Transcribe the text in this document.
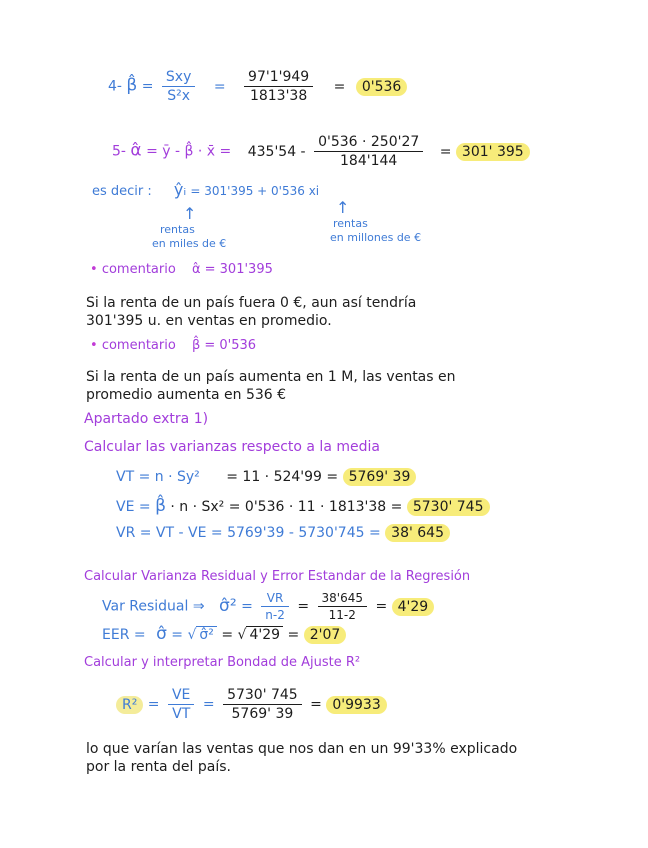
4- β̂ = $\frac{\text{Sxy}}{\text{S²x}} = \frac{97'1'949}{1813'38} = 0'536$
5- α̂ = ȳ - β̂ · x̄ = $435'54 - \frac{0'536 \cdot 250'27}{184'144} = 301'$ 395
es decir : ŷᵢ = 301'395 + 0'536 xi
↑	↑
rentas
en miles de €
rentas
en millones de €
• comentario α̂ = 301'395
Si la renta de un país fuera 0 €, aun así tendría
301'395 u. en ventas en promedio.
• comentario β̂ = 0'536
Si la renta de un país aumenta en 1 M, las ventas en
promedio aumenta en 536 €
Apartado extra 1)
Calcular las varianzas respecto a la media
VT = n · Sy² = 11 · 524'99 = 5769' 39
VE = β̂ · n · Sx² = 0'536 · 11 · 1813'38 = 5730' 745
VR = VT - VE = 5769'39 - 5730'745 = 38' 645
Calcular Varianza Residual y Error Estandar de la Regresión
Var Residual ⇒ σ̂² = $\frac{VR}{n-2} = \frac{38'645}{11-2} = 4'29$
EER = σ̂ = √ σ̂² = √ 4'29 = 2'07
Calcular y interpretar Bondad de Ajuste R²
$R^2 = \frac{VE}{VT} = \frac{5730' 745}{5769' 39} = 0'9933$
lo que varían las ventas que nos dan en un 99'33% explicado
por la renta del país.
